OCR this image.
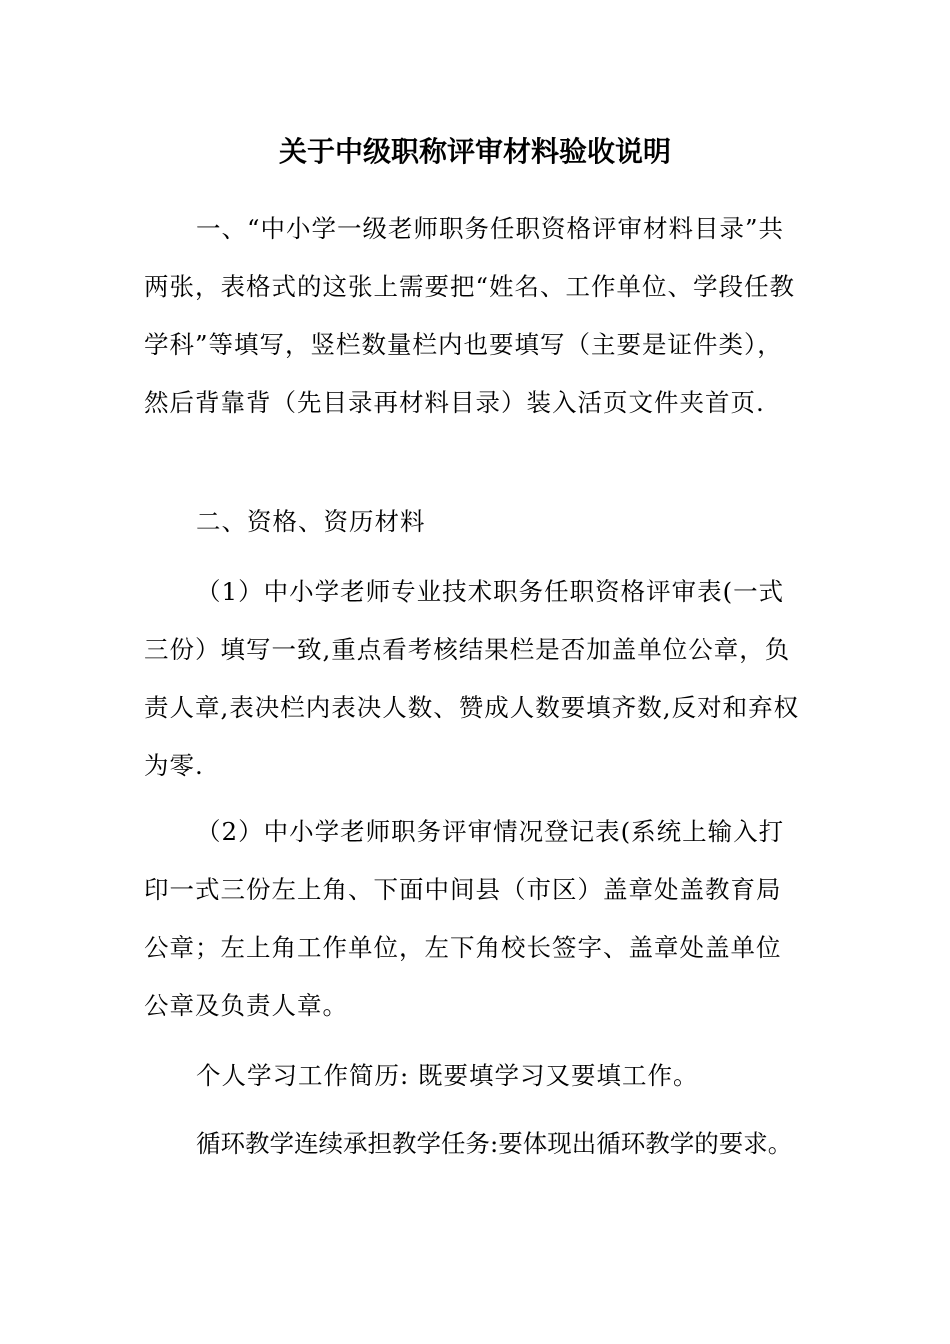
关于中级职称评审材料验收说明

一、“中小学一级老师职务任职资格评审材料目录”共两张，表格式的这张上需要把“姓名、工作单位、学段任教学科”等填写，竖栏数量栏内也要填写（主要是证件类），然后背靠背（先目录再材料目录）装入活页文件夹首页.

二、资格、资历材料

（1）中小学老师专业技术职务任职资格评审表(一式三份）填写一致,重点看考核结果栏是否加盖单位公章，负责人章,表决栏内表决人数、赞成人数要填齐数,反对和弃权为零.

（2）中小学老师职务评审情况登记表(系统上输入打印一式三份左上角、下面中间县（市区）盖章处盖教育局公章；左上角工作单位，左下角校长签字、盖章处盖单位公章及负责人章。

个人学习工作简历: 既要填学习又要填工作。

循环教学连续承担教学任务:要体现出循环教学的要求。
